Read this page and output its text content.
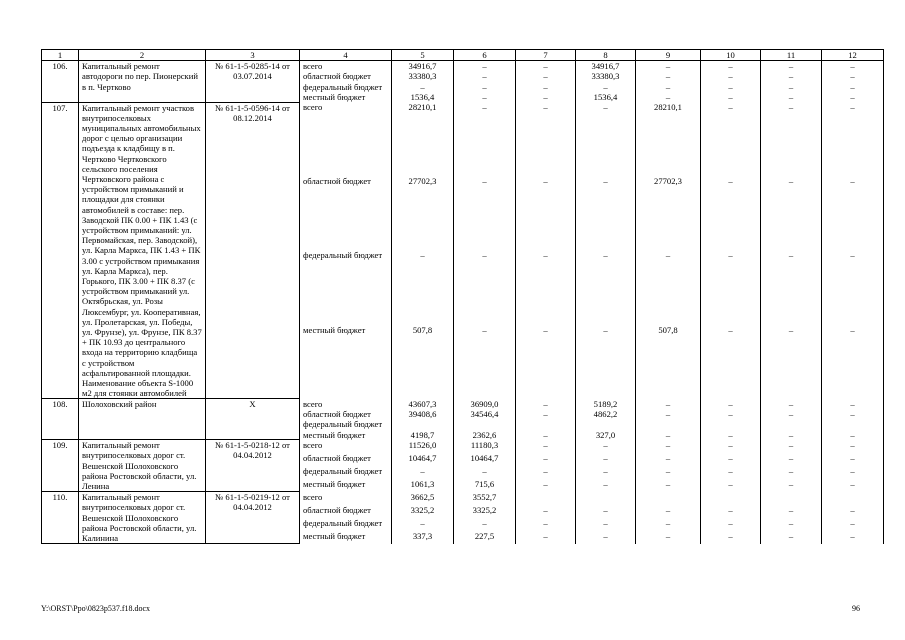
1	2	3	4	5	6	7	8	9	10	11	12
106.	Капитальный ремонт автодороги по пер. Пионерский в п. Чертково	№ 61-1-5-0285-14 от 03.07.2014	всего	34916,7	–	–	34916,7	–	–	–	–
			областной бюджет	33380,3	–	–	33380,3	–	–	–	–
			федеральный бюджет	–	–	–	–	–	–	–	–
			местный бюджет	1536,4	–	–	1536,4	–	–	–	–
107.	Капитальный ремонт участков внутрипоселковых муниципальных автомобильных дорог с целью организации подъезда к кладбищу в п. Чертково Чертковского сельского поселения Чертковского района с устройством примыканий и площадки для стоянки автомобилей в составе: пер. Заводской ПК 0.00 + ПК 1.43 (с устройством примыканий: ул. Первомайская, пер. Заводской), ул. Карла Маркса, ПК 1.43 + ПК 3.00 с устройством примыкания ул. Карла Маркса), пер. Горького, ПК 3.00 + ПК 8.37 (с устройством примыканий ул. Октябрьская, ул. Розы Люксембург, ул. Кооперативная, ул. Пролетарская, ул. Победы, ул. Фрунзе), ул. Фрунзе, ПК 8.37 + ПК 10.93 до центрального входа на территорию кладбища с устройством асфальтированной площадки. Наименование объекта S-1000 м2 для стоянки автомобилей	№ 61-1-5-0596-14 от 08.12.2014	всего	28210,1	–	–	–	28210,1	–	–	–
			областной бюджет	27702,3	–	–	–	27702,3	–	–	–
			федеральный бюджет	–	–	–	–	–	–	–	–
			местный бюджет	507,8	–	–	–	507,8	–	–	–
108.	Шолоховский район	Х	всего	43607,3	36909,0	–	5189,2	–	–	–	–
			областной бюджет	39408,6	34546,4	–	4862,2	–	–	–	–
			федеральный бюджет								
			местный бюджет	4198,7	2362,6	–	327,0	–	–	–	–
109.	Капитальный ремонт внутрипоселковых дорог ст. Вешенской Шолоховского района Ростовской области, ул. Ленина	№ 61-1-5-0218-12 от 04.04.2012	всего	11526,0	11180,3	–	–	–	–	–	–
			областной бюджет	10464,7	10464,7	–	–	–	–	–	–
			федеральный бюджет	–	–	–	–	–	–	–	–
			местный бюджет	1061,3	715,6	–	–	–	–	–	–
110.	Капитальный ремонт внутрипоселковых дорог ст. Вешенской Шолоховского района Ростовской области, ул. Калинина	№ 61-1-5-0219-12 от 04.04.2012	всего	3662,5	3552,7						
			областной бюджет	3325,2	3325,2	–	–	–	–	–	–
			федеральный бюджет	–	–	–	–	–	–	–	–
			местный бюджет	337,3	227,5	–	–	–	–	–	–
Y:\ORST\Ppo\0823p537.f18.docx	96
